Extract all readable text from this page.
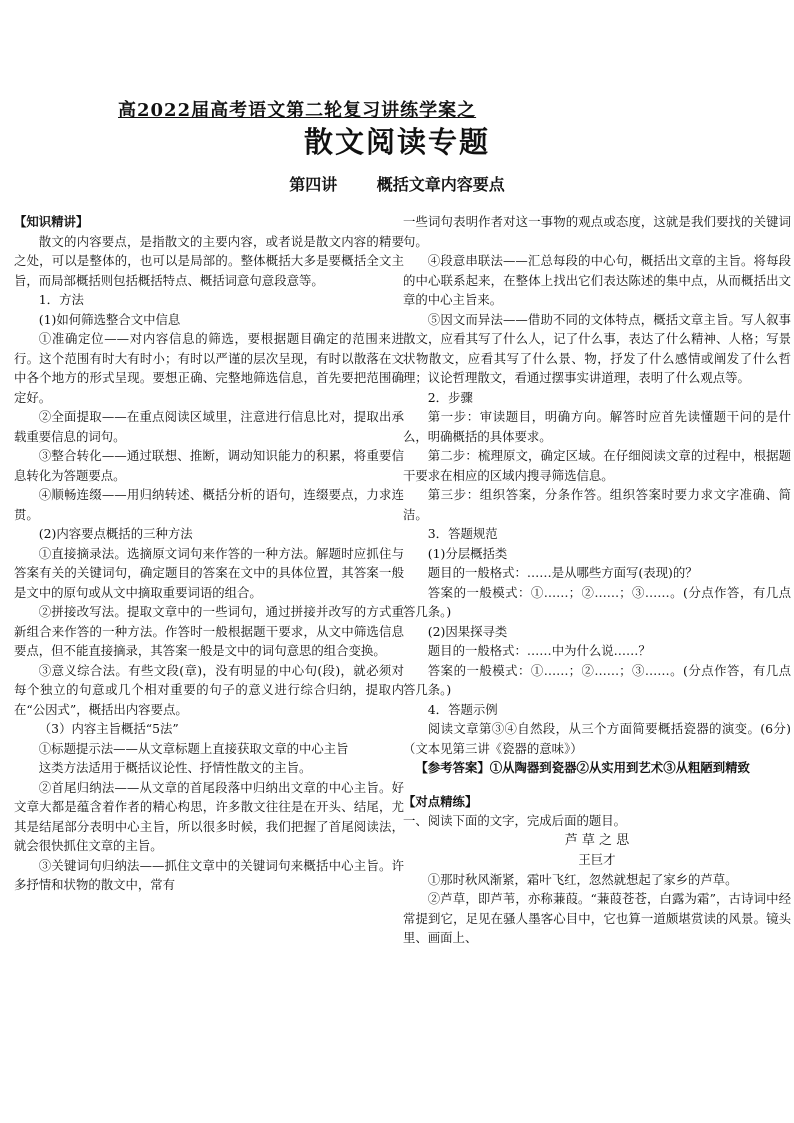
高2022届高考语文第二轮复习讲练学案之
散文阅读专题
第四讲　 概括文章内容要点

【知识精讲】

散文的内容要点，是指散文的主要内容，或者说是散文内容的精要之处，可以是整体的，也可以是局部的。整体概括大多是要概括全文主旨，而局部概括则包括概括特点、概括词意句意段意等。

1．方法

(1)如何筛选整合文中信息

①准确定位——对内容信息的筛选，要根据题目确定的范围来进行。这个范围有时大有时小；有时以严谨的层次呈现，有时以散落在文中各个地方的形式呈现。要想正确、完整地筛选信息，首先要把范围确定好。

②全面提取——在重点阅读区域里，注意进行信息比对，提取出承载重要信息的词句。

③整合转化——通过联想、推断，调动知识能力的积累，将重要信息转化为答题要点。

④顺畅连缀——用归纳转述、概括分析的语句，连缀要点，力求连贯。

(2)内容要点概括的三种方法

①直接摘录法。选摘原文词句来作答的一种方法。解题时应抓住与答案有关的关键词句，确定题目的答案在文中的具体位置，其答案一般是文中的原句或从文中摘取重要词语的组合。

②拼接改写法。提取文章中的一些词句，通过拼接并改写的方式重新组合来作答的一种方法。作答时一般根据题干要求，从文中筛选信息要点，但不能直接摘录，其答案一般是文中的词句意思的组合变换。

③意义综合法。有些文段(章)，没有明显的中心句(段)，就必须对每个独立的句意或几个相对重要的句子的意义进行综合归纳，提取内在“公因式”，概括出内容要点。

（3）内容主旨概括“5法”

①标题提示法——从文章标题上直接获取文章的中心主旨

这类方法适用于概括议论性、抒情性散文的主旨。

②首尾归纳法——从文章的首尾段落中归纳出文章的中心主旨。好文章大都是蕴含着作者的精心构思，许多散文往往是在开头、结尾，尤其是结尾部分表明中心主旨，所以很多时候，我们把握了首尾阅读法，就会很快抓住文章的主旨。

③关键词句归纳法——抓住文章中的关键词句来概括中心主旨。许多抒情和状物的散文中，常有

一些词句表明作者对这一事物的观点或态度，这就是我们要找的关键词句。

④段意串联法——汇总每段的中心句，概括出文章的主旨。将每段的中心联系起来，在整体上找出它们表达陈述的集中点，从而概括出文章的中心主旨来。

⑤因文而异法——借助不同的文体特点，概括文章主旨。写人叙事散文，应看其写了什么人，记了什么事，表达了什么精神、人格；写景状物散文，应看其写了什么景、物，抒发了什么感情或阐发了什么哲理；议论哲理散文，看通过摆事实讲道理，表明了什么观点等。

2．步骤

第一步：审读题目，明确方向。解答时应首先读懂题干问的是什么，明确概括的具体要求。

第二步：梳理原文，确定区域。在仔细阅读文章的过程中，根据题干要求在相应的区域内搜寻筛选信息。

第三步：组织答案，分条作答。组织答案时要力求文字准确、简洁。

3．答题规范

(1)分层概括类

题目的一般格式：……是从哪些方面写(表现)的？

答案的一般模式：①……；②……；③……。(分点作答，有几点答几条。)

(2)因果探寻类

题目的一般格式：……中为什么说……？

答案的一般模式：①……；②……；③……。(分点作答，有几点答几条。)

4．答题示例

阅读文章第③④自然段，从三个方面简要概括瓷器的演变。(6分)（文本见第三讲《瓷器的意味》）

【参考答案】①从陶器到瓷器②从实用到艺术③从粗陋到精致

【对点精练】

一、阅读下面的文字，完成后面的题目。

芦 草 之 思

王巨才

①那时秋风渐紧，霜叶飞红，忽然就想起了家乡的芦草。

②芦草，即芦苇，亦称蒹葭。“蒹葭苍苍，白露为霜”，古诗词中经常提到它，足见在骚人墨客心目中，它也算一道颇堪赏读的风景。镜头里、画面上、
